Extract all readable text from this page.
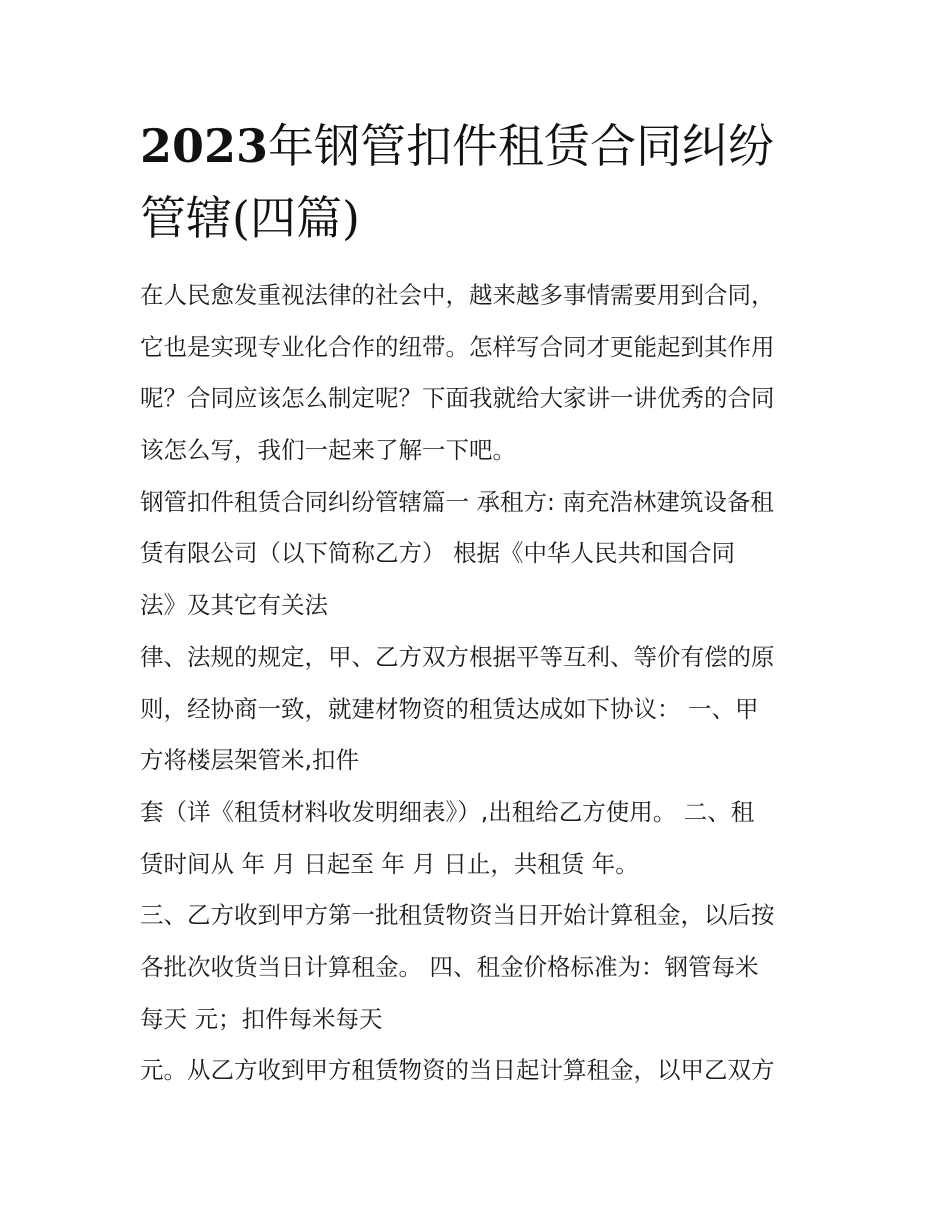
2023年钢管扣件租赁合同纠纷
管辖(四篇)
在人民愈发重视法律的社会中，越来越多事情需要用到合同，
它也是实现专业化合作的纽带。怎样写合同才更能起到其作用
呢？合同应该怎么制定呢？下面我就给大家讲一讲优秀的合同
该怎么写，我们一起来了解一下吧。
钢管扣件租赁合同纠纷管辖篇一 承租方: 南充浩林建筑设备租
赁有限公司（以下简称乙方） 根据《中华人民共和国合同
法》及其它有关法
律、法规的规定，甲、乙方双方根据平等互利、等价有偿的原
则，经协商一致，就建材物资的租赁达成如下协议： 一、甲
方将楼层架管米,扣件
套（详《租赁材料收发明细表》）,出租给乙方使用。 二、租
赁时间从 年 月 日起至 年 月 日止，共租赁 年。
三、乙方收到甲方第一批租赁物资当日开始计算租金，以后按
各批次收货当日计算租金。 四、租金价格标准为：钢管每米
每天 元；扣件每米每天
元。从乙方收到甲方租赁物资的当日起计算租金，以甲乙双方
